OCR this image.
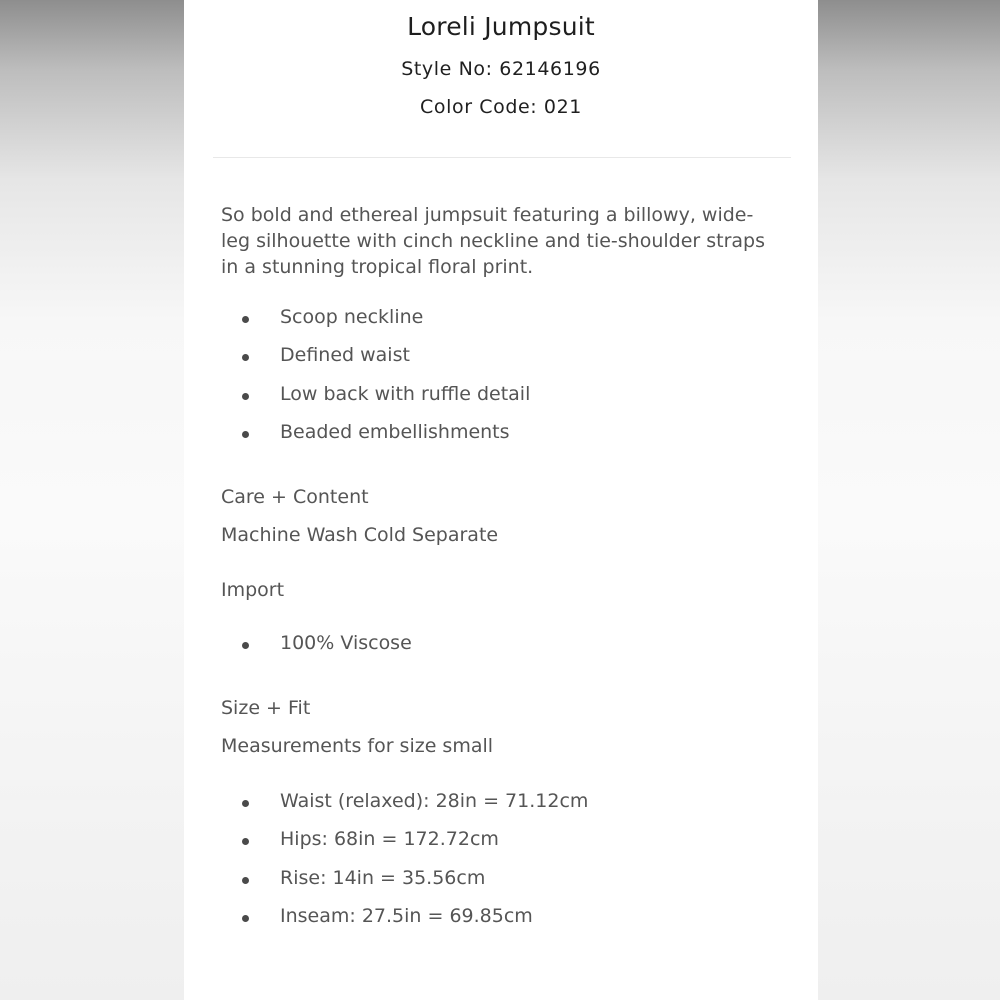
Loreli Jumpsuit
Style No: 62146196
Color Code: 021
So bold and ethereal jumpsuit featuring a billowy, wide-leg silhouette with cinch neckline and tie-shoulder straps in a stunning tropical floral print.
Scoop neckline
Defined waist
Low back with ruffle detail
Beaded embellishments
Care + Content
Machine Wash Cold Separate
Import
100% Viscose
Size + Fit
Measurements for size small
Waist (relaxed): 28in = 71.12cm
Hips: 68in = 172.72cm
Rise: 14in = 35.56cm
Inseam: 27.5in = 69.85cm
